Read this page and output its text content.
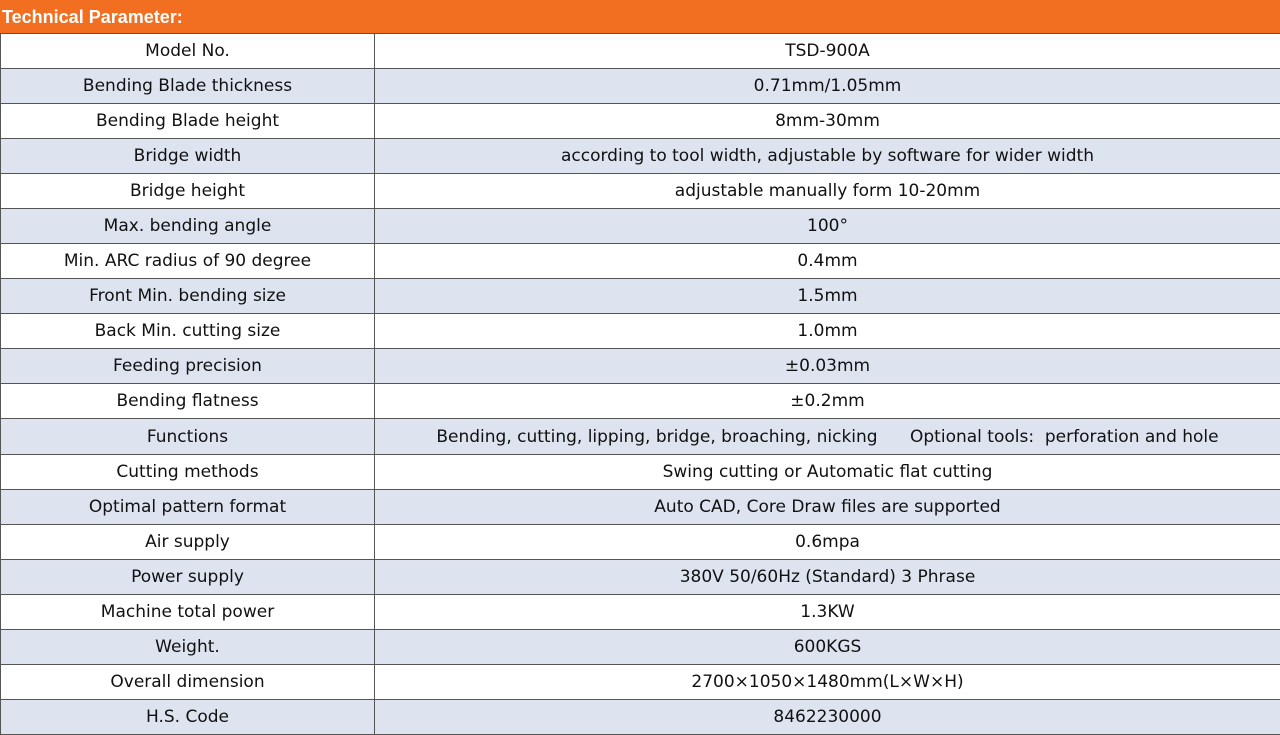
Technical Parameter:
Model No.	TSD-900A
Bending Blade thickness	0.71mm/1.05mm
Bending Blade height	8mm-30mm
Bridge width	according to tool width, adjustable by software for wider width
Bridge height	adjustable manually form 10-20mm
Max. bending angle	100°
Min. ARC radius of 90 degree	0.4mm
Front Min. bending size	1.5mm
Back Min. cutting size	1.0mm
Feeding precision	±0.03mm
Bending flatness	±0.2mm
Functions	Bending, cutting, lipping, bridge, broaching, nicking      Optional tools:  perforation and hole
Cutting methods	Swing cutting or Automatic flat cutting
Optimal pattern format	Auto CAD, Core Draw files are supported
Air supply	0.6mpa
Power supply	380V 50/60Hz (Standard) 3 Phrase
Machine total power	1.3KW
Weight.	600KGS
Overall dimension	2700×1050×1480mm(L×W×H)
H.S. Code	8462230000
